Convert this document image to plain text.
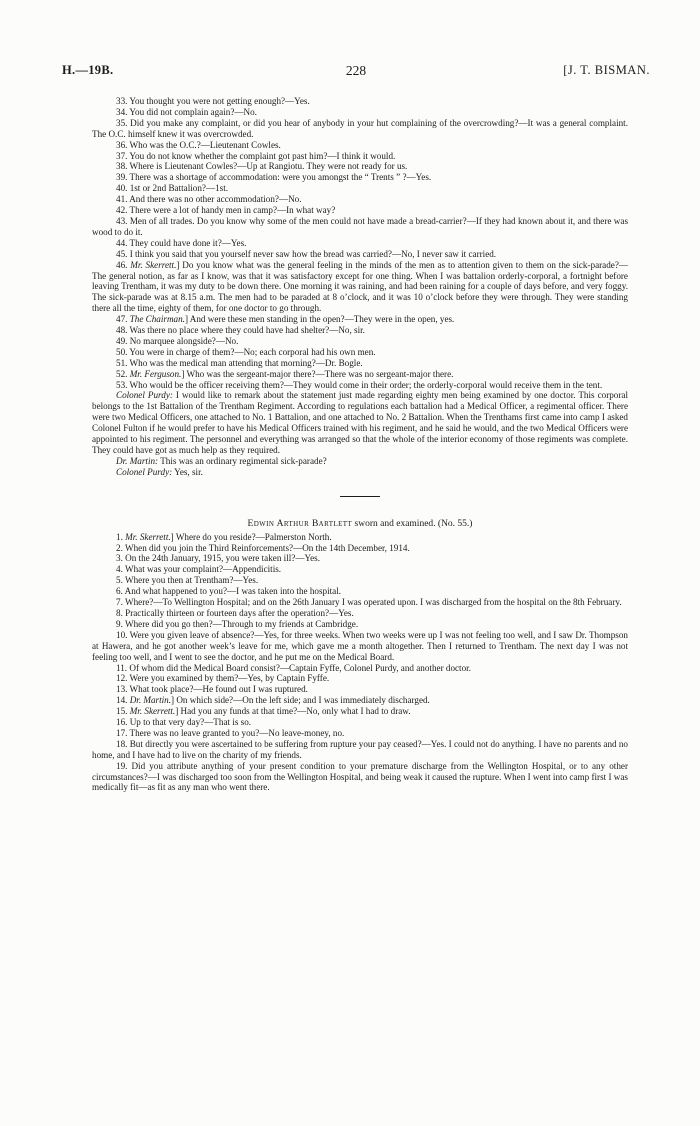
228
H.—19B.	[J. T. BISMAN.

33. You thought you were not getting enough?—Yes.

34. You did not complain again?—No.

35. Did you make any complaint, or did you hear of anybody in your hut complaining of the overcrowding?—It was a general complaint. The O.C. himself knew it was overcrowded.

36. Who was the O.C.?—Lieutenant Cowles.

37. You do not know whether the complaint got past him?—I think it would.

38. Where is Lieutenant Cowles?—Up at Rangiotu. They were not ready for us.

39. There was a shortage of accommodation: were you amongst the “ Trents ” ?—Yes.

40. 1st or 2nd Battalion?—1st.

41. And there was no other accommodation?—No.

42. There were a lot of handy men in camp?—In what way?

43. Men of all trades. Do you know why some of the men could not have made a bread-carrier?—If they had known about it, and there was wood to do it.

44. They could have done it?—Yes.

45. I think you said that you yourself never saw how the bread was carried?—No, I never saw it carried.

46. Mr. Skerrett.] Do you know what was the general feeling in the minds of the men as to attention given to them on the sick-parade?—The general notion, as far as I know, was that it was satisfactory except for one thing. When I was battalion orderly-corporal, a fortnight before leaving Trentham, it was my duty to be down there. One morning it was raining, and had been raining for a couple of days before, and very foggy. The sick-parade was at 8.15 a.m. The men had to be paraded at 8 o’clock, and it was 10 o’clock before they were through. They were standing there all the time, eighty of them, for one doctor to go through.

47. The Chairman.] And were these men standing in the open?—They were in the open, yes.

48. Was there no place where they could have had shelter?—No, sir.

49. No marquee alongside?—No.

50. You were in charge of them?—No; each corporal had his own men.

51. Who was the medical man attending that morning?—Dr. Bogle.

52. Mr. Ferguson.] Who was the sergeant-major there?—There was no sergeant-major there.

53. Who would be the officer receiving them?—They would come in their order; the orderly-corporal would receive them in the tent.

Colonel Purdy: I would like to remark about the statement just made regarding eighty men being examined by one doctor. This corporal belongs to the 1st Battalion of the Trentham Regiment. According to regulations each battalion had a Medical Officer, a regimental officer. There were two Medical Officers, one attached to No. 1 Battalion, and one attached to No. 2 Battalion. When the Trenthams first came into camp I asked Colonel Fulton if he would prefer to have his Medical Officers trained with his regiment, and he said he would, and the two Medical Officers were appointed to his regiment. The personnel and everything was arranged so that the whole of the interior economy of those regiments was complete. They could have got as much help as they required.

Dr. Martin: This was an ordinary regimental sick-parade?

Colonel Purdy: Yes, sir.

Edwin Arthur Bartlett sworn and examined. (No. 55.)

1. Mr. Skerrett.] Where do you reside?—Palmerston North.

2. When did you join the Third Reinforcements?—On the 14th December, 1914.

3. On the 24th January, 1915, you were taken ill?—Yes.

4. What was your complaint?—Appendicitis.

5. Where you then at Trentham?—Yes.

6. And what happened to you?—I was taken into the hospital.

7. Where?—To Wellington Hospital; and on the 26th January I was operated upon. I was discharged from the hospital on the 8th February.

8. Practically thirteen or fourteen days after the operation?—Yes.

9. Where did you go then?—Through to my friends at Cambridge.

10. Were you given leave of absence?—Yes, for three weeks. When two weeks were up I was not feeling too well, and I saw Dr. Thompson at Hawera, and he got another week’s leave for me, which gave me a month altogether. Then I returned to Trentham. The next day I was not feeling too well, and I went to see the doctor, and he put me on the Medical Board.

11. Of whom did the Medical Board consist?—Captain Fyffe, Colonel Purdy, and another doctor.

12. Were you examined by them?—Yes, by Captain Fyffe.

13. What took place?—He found out I was ruptured.

14. Dr. Martin.] On which side?—On the left side; and I was immediately discharged.

15. Mr. Skerrett.] Had you any funds at that time?—No, only what I had to draw.

16. Up to that very day?—That is so.

17. There was no leave granted to you?—No leave-money, no.

18. But directly you were ascertained to be suffering from rupture your pay ceased?—Yes. I could not do anything. I have no parents and no home, and I have had to live on the charity of my friends.

19. Did you attribute anything of your present condition to your premature discharge from the Wellington Hospital, or to any other circumstances?—I was discharged too soon from the Wellington Hospital, and being weak it caused the rupture. When I went into camp first I was medically fit—as fit as any man who went there.
